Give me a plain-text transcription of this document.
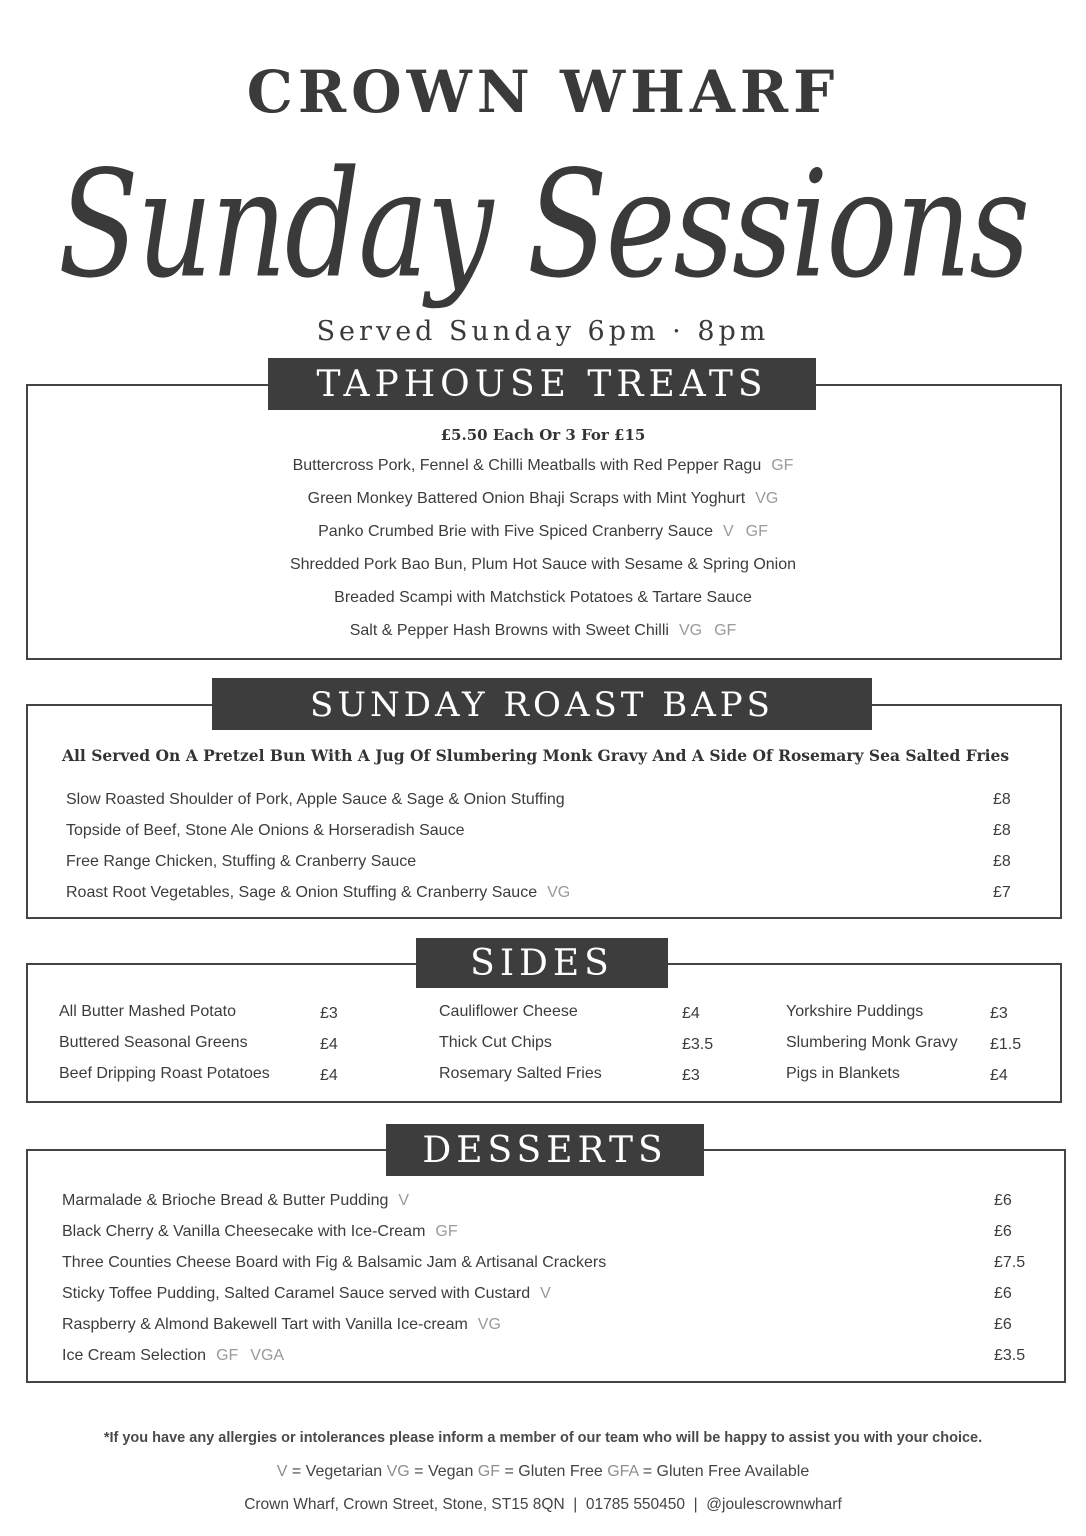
CROWN WHARF
Sunday Sessions
Served Sunday 6pm · 8pm
TAPHOUSE TREATS
£5.50 Each Or 3 For £15
Buttercross Pork, Fennel & Chilli Meatballs with Red Pepper Ragu GF
Green Monkey Battered Onion Bhaji Scraps with Mint Yoghurt VG
Panko Crumbed Brie with Five Spiced Cranberry Sauce V GF
Shredded Pork Bao Bun, Plum Hot Sauce with Sesame & Spring Onion
Breaded Scampi with Matchstick Potatoes & Tartare Sauce
Salt & Pepper Hash Browns with Sweet Chilli VG GF
SUNDAY ROAST BAPS
All Served On A Pretzel Bun With A Jug Of Slumbering Monk Gravy And A Side Of Rosemary Sea Salted Fries
Slow Roasted Shoulder of Pork, Apple Sauce & Sage & Onion Stuffing	£8
Topside of Beef, Stone Ale Onions & Horseradish Sauce	£8
Free Range Chicken, Stuffing & Cranberry Sauce	£8
Roast Root Vegetables, Sage & Onion Stuffing & Cranberry Sauce VG	£7
SIDES
All Butter Mashed Potato	£3
Buttered Seasonal Greens	£4
Beef Dripping Roast Potatoes	£4
Cauliflower Cheese	£4
Thick Cut Chips	£3.5
Rosemary Salted Fries	£3
Yorkshire Puddings	£3
Slumbering Monk Gravy £1.5
Pigs in Blankets	£4
DESSERTS
Marmalade & Brioche Bread & Butter Pudding V	£6
Black Cherry & Vanilla Cheesecake with Ice-Cream GF	£6
Three Counties Cheese Board with Fig & Balsamic Jam & Artisanal Crackers	£7.5
Sticky Toffee Pudding, Salted Caramel Sauce served with Custard V	£6
Raspberry & Almond Bakewell Tart with Vanilla Ice-cream VG	£6
Ice Cream Selection GF VGA	£3.5
*If you have any allergies or intolerances please inform a member of our team who will be happy to assist you with your choice.
V = Vegetarian VG = Vegan GF = Gluten Free GFA = Gluten Free Available
Crown Wharf, Crown Street, Stone, ST15 8QN  |  01785 550450  |  @joulescrownwharf
